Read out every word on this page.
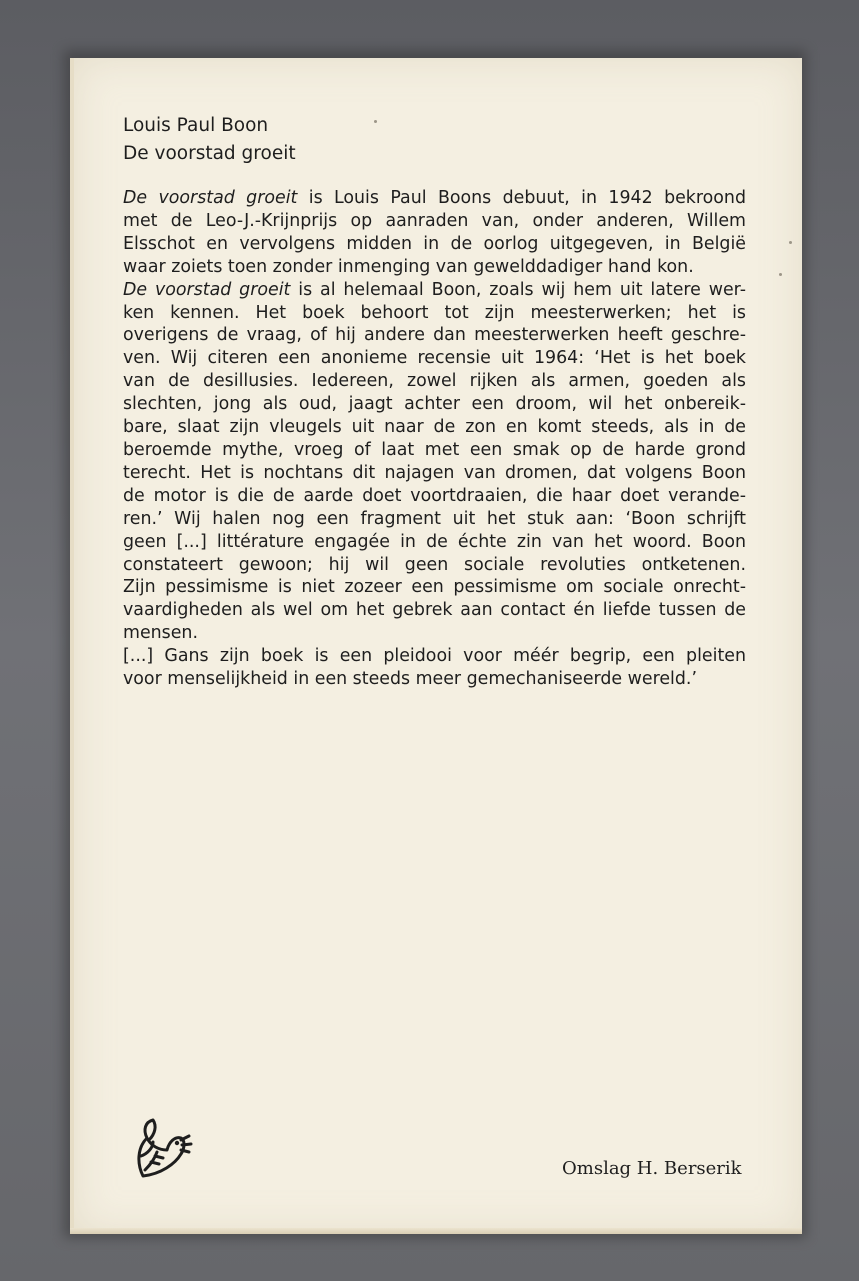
Louis Paul Boon
De voorstad groeit
De voorstad groeit is Louis Paul Boons debuut, in 1942 bekroond
met de Leo-J.-Krijnprijs op aanraden van, onder anderen, Willem
Elsschot en vervolgens midden in de oorlog uitgegeven, in België
waar zoiets toen zonder inmenging van gewelddadiger hand kon.
De voorstad groeit is al helemaal Boon, zoals wij hem uit latere wer-
ken kennen. Het boek behoort tot zijn meesterwerken; het is
overigens de vraag, of hij andere dan meesterwerken heeft geschre-
ven. Wij citeren een anonieme recensie uit 1964: ‘Het is het boek
van de desillusies. Iedereen, zowel rijken als armen, goeden als
slechten, jong als oud, jaagt achter een droom, wil het onbereik-
bare, slaat zijn vleugels uit naar de zon en komt steeds, als in de
beroemde mythe, vroeg of laat met een smak op de harde grond
terecht. Het is nochtans dit najagen van dromen, dat volgens Boon
de motor is die de aarde doet voortdraaien, die haar doet verande-
ren.’ Wij halen nog een fragment uit het stuk aan: ‘Boon schrijft
geen [...] littérature engagée in de échte zin van het woord. Boon
constateert gewoon; hij wil geen sociale revoluties ontketenen.
Zijn pessimisme is niet zozeer een pessimisme om sociale onrecht-
vaardigheden als wel om het gebrek aan contact én liefde tussen de
mensen.
[...] Gans zijn boek is een pleidooi voor méér begrip, een pleiten
voor menselijkheid in een steeds meer gemechaniseerde wereld.’
Omslag H. Berserik
